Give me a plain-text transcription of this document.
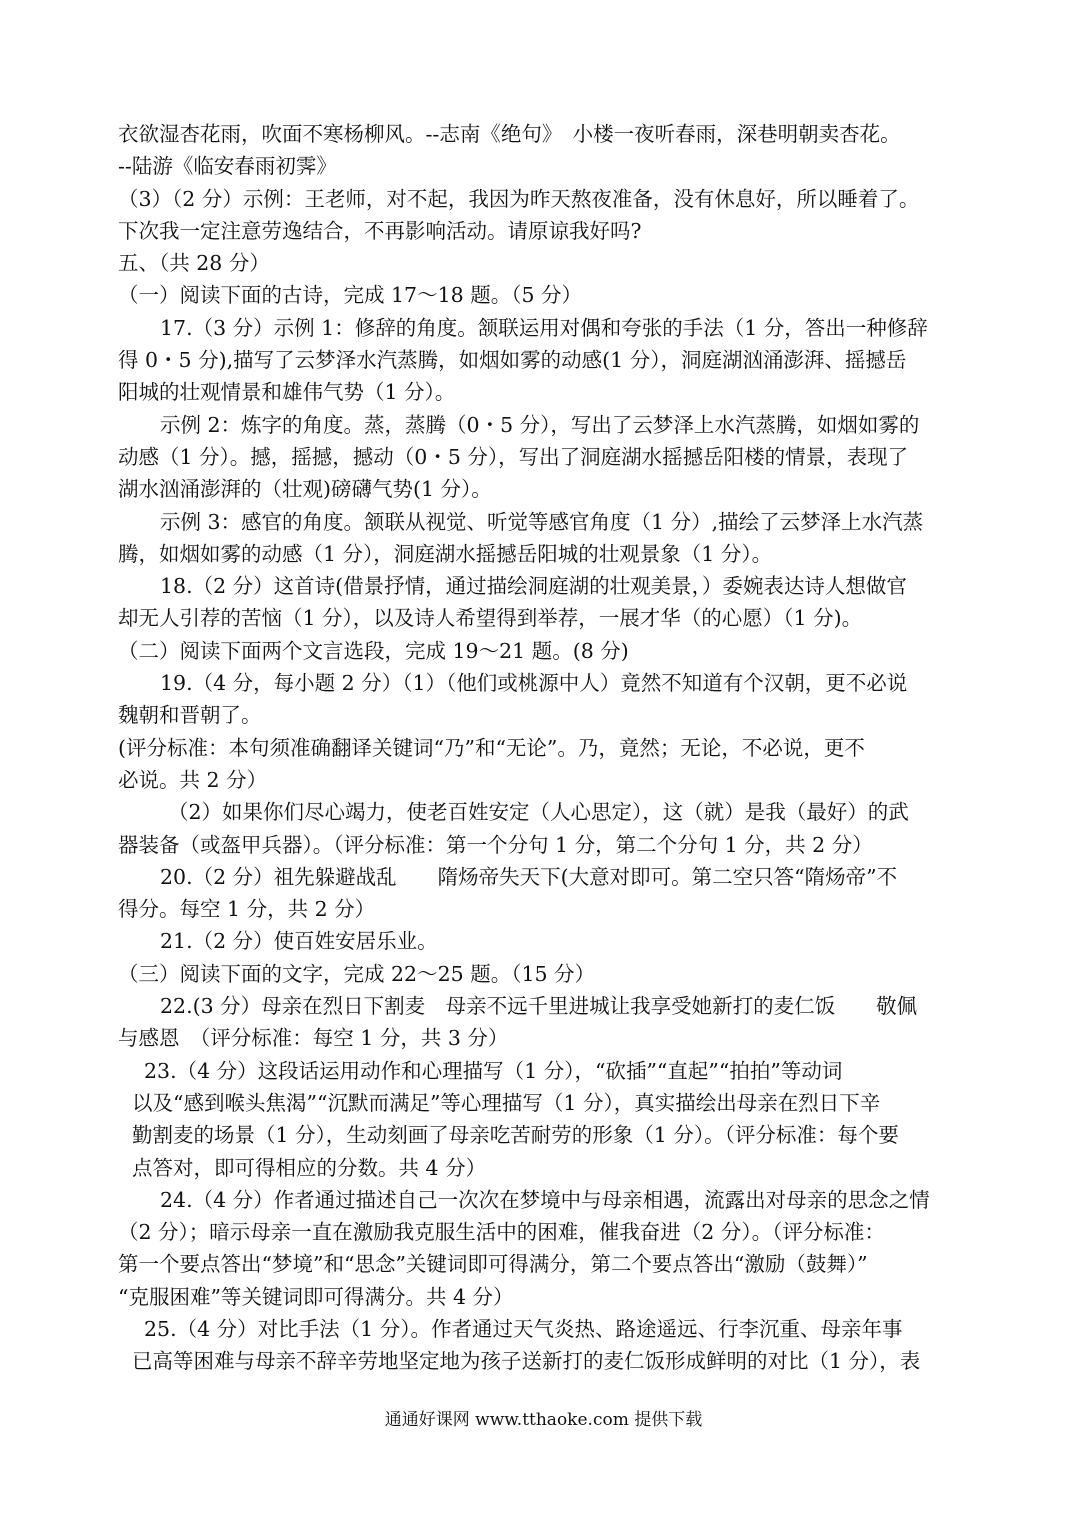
衣欲湿杏花雨，吹面不寒杨柳风。--志南《绝句》　小楼一夜听春雨，深巷明朝卖杏花。
--陆游《临安春雨初霁》
（3）（2 分）示例：王老师，对不起，我因为昨天熬夜准备，没有休息好，所以睡着了。
下次我一定注意劳逸结合，不再影响活动。请原谅我好吗?
五、（共 28 分）
（一）阅读下面的古诗，完成 17～18 题。（5 分）
17.（3 分）示例 1：修辞的角度。颔联运用对偶和夸张的手法（1 分，答出一种修辞
得 0・5 分),描写了云梦泽水汽蒸腾，如烟如雾的动感(1 分），洞庭湖汹涌澎湃、摇撼岳
阳城的壮观情景和雄伟气势（1 分）。
示例 2：炼字的角度。蒸，蒸腾（0・5 分），写出了云梦泽上水汽蒸腾，如烟如雾的
动感（1 分）。撼，摇撼，撼动（0・5 分），写出了洞庭湖水摇撼岳阳楼的情景，表现了
湖水汹涌澎湃的（壮观)磅礴气势(1 分）。
示例 3：感官的角度。颔联从视觉、听觉等感官角度（1 分）,描绘了云梦泽上水汽蒸
腾，如烟如雾的动感（1 分），洞庭湖水摇撼岳阳城的壮观景象（1 分）。
18.（2 分）这首诗(借景抒情，通过描绘洞庭湖的壮观美景，）委婉表达诗人想做官
却无人引荐的苦恼（1 分），以及诗人希望得到举荐，一展才华（的心愿）（1 分)。
（二）阅读下面两个文言选段，完成 19～21 题。(8 分)
19.（4 分，每小题 2 分）（1）（他们或桃源中人）竟然不知道有个汉朝，更不必说
魏朝和晋朝了。
(评分标准：本句须准确翻译关键词“乃”和“无论”。乃，竟然；无论，不必说，更不
必说。共 2 分）
（2）如果你们尽心竭力，使老百姓安定（人心思定），这（就）是我（最好）的武
器装备（或盔甲兵器）。（评分标准：第一个分句 1 分，第二个分句 1 分，共 2 分）
20.（2 分）祖先躲避战乱　　隋炀帝失天下(大意对即可。第二空只答“隋炀帝”不
得分。每空 1 分，共 2 分）
21.（2 分）使百姓安居乐业。
（三）阅读下面的文字，完成 22～25 题。（15 分）
22.(3 分）母亲在烈日下割麦　母亲不远千里进城让我享受她新打的麦仁饭　　敬佩
与感恩　（评分标准：每空 1 分，共 3 分）
23.（4 分）这段话运用动作和心理描写（1 分），“砍插”“直起”“拍拍”等动词
以及“感到喉头焦渴”“沉默而满足”等心理描写（1 分），真实描绘出母亲在烈日下辛
勤割麦的场景（1 分），生动刻画了母亲吃苦耐劳的形象（1 分）。（评分标准：每个要
点答对，即可得相应的分数。共 4 分）
24.（4 分）作者通过描述自己一次次在梦境中与母亲相遇，流露出对母亲的思念之情
（2 分）；暗示母亲一直在激励我克服生活中的困难，催我奋进（2 分）。（评分标准：
第一个要点答出“梦境”和“思念”关键词即可得满分，第二个要点答出“激励（鼓舞）”
“克服困难”等关键词即可得满分。共 4 分）
25.（4 分）对比手法（1 分）。作者通过天气炎热、路途遥远、行李沉重、母亲年事
已高等困难与母亲不辞辛劳地坚定地为孩子送新打的麦仁饭形成鲜明的对比（1 分），表
通通好课网 www.tthaoke.com 提供下载
